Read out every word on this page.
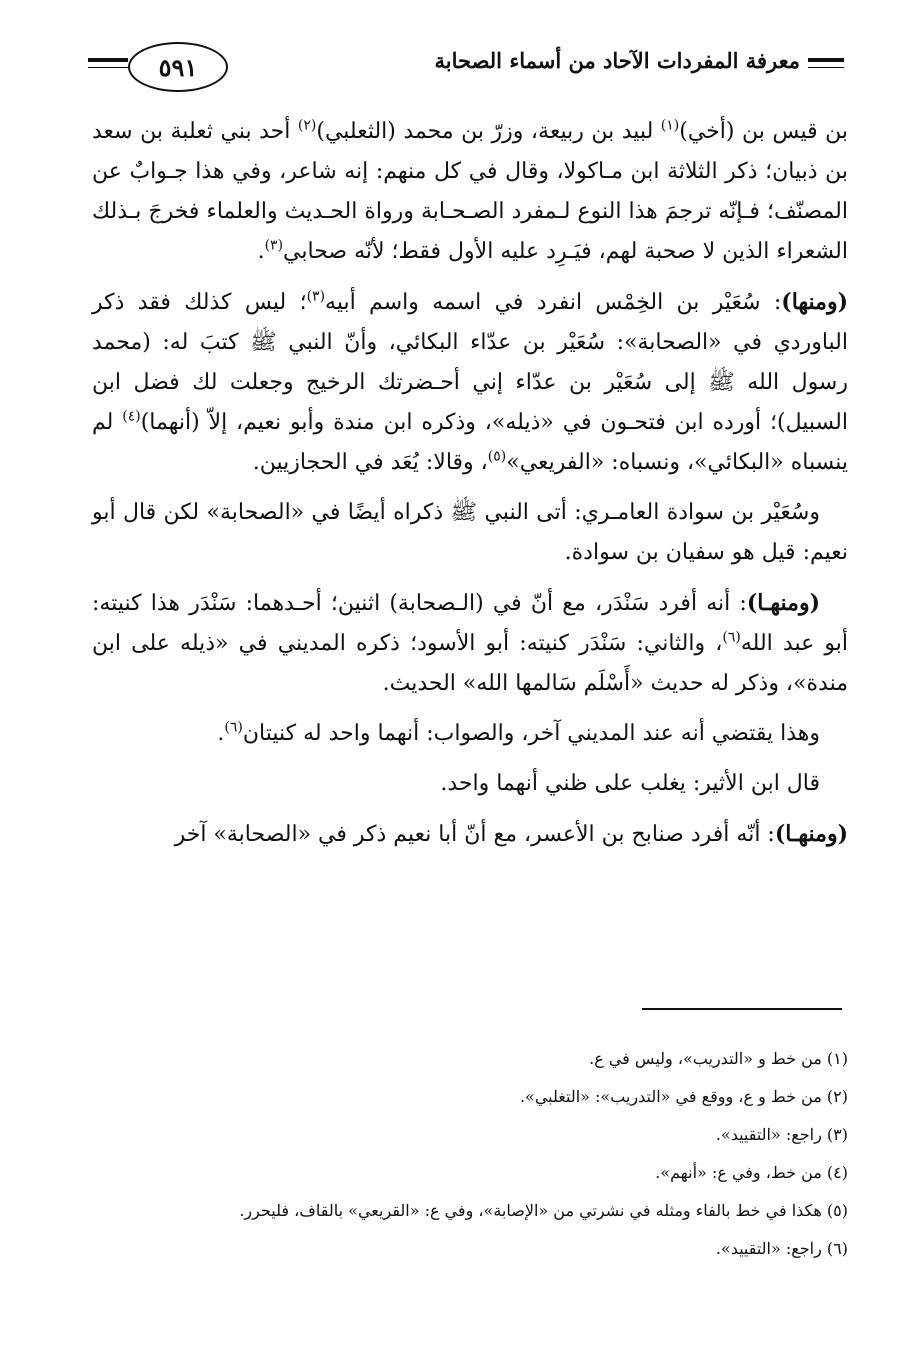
٥٩١	معرفة المفردات الآحاد من أسماء الصحابة

بن قيس بن (أخي)$^{(١)}$ لبيد بن ربيعة، وزرّ بن محمد (الثعلبي)$^{(٢)}$ أحد بني ثعلبة بن سعد بن ذبيان؛ ذكر الثلاثة ابن مـاكولا، وقال في كل منهم: إنه شاعر، وفي هذا جـوابٌ عن المصنّف؛ فـإنّه ترجمَ هذا النوع لـمفرد الصـحـابة ورواة الحـديث والعلماء فخرجَ بـذلك الشعراء الذين لا صحبة لهم، فيَـرِد عليه الأول فقط؛ لأنّه صحابي$^{(٣)}$.

(ومنها): سُعَيْر بن الخِمْس انفرد في اسمه واسم أبيه$^{(٣)}$؛ ليس كذلك فقد ذكر الباوردي في «الصحابة»: سُعَيْر بن عدّاء البكائي، وأنّ النبي ﷺ كتبَ له: (محمد رسول الله ﷺ إلى سُعَيْر بن عدّاء إني أحـضرتك الرخيج وجعلت لك فضل ابن السبيل)؛ أورده ابن فتحـون في «ذيله»، وذكره ابن مندة وأبو نعيم، إلاّ (أنهما)$^{(٤)}$ لم ينسباه «البكائي»، ونسباه: «الفريعي»$^{(٥)}$، وقالا: يُعَد في الحجازيين.

وسُعَيْر بن سوادة العامـري: أتى النبي ﷺ ذكراه أيضًا في «الصحابة» لكن قال أبو نعيم: قيل هو سفيان بن سوادة.

(ومنهـا): أنه أفرد سَنْدَر، مع أنّ في (الـصحابة) اثنين؛ أحـدهما: سَنْدَر هذا كنيته: أبو عبد الله$^{(٦)}$، والثاني: سَنْدَر كنيته: أبو الأسود؛ ذكره المديني في «ذيله على ابن مندة»، وذكر له حديث «أَسْلَم سَالمها الله» الحديث.

وهذا يقتضي أنه عند المديني آخر، والصواب: أنهما واحد له كنيتان$^{(٦)}$.

قال ابن الأثير: يغلب على ظني أنهما واحد.

(ومنهـا): أنّه أفرد صنابح بن الأعسر، مع أنّ أبا نعيم ذكر في «الصحابة» آخر

(١) من خط و «التدريب»، وليس في ع.
(٢) من خط و ع، ووقع في «التدريب»: «التغلبي».
(٣) راجع: «التقييد».
(٤) من خط، وفي ع: «أنهم».
(٥) هكذا في خط بالفاء ومثله في نشرتي من «الإصابة»، وفي ع: «القريعي» بالقاف، فليحرر.
(٦) راجع: «التقييد».
